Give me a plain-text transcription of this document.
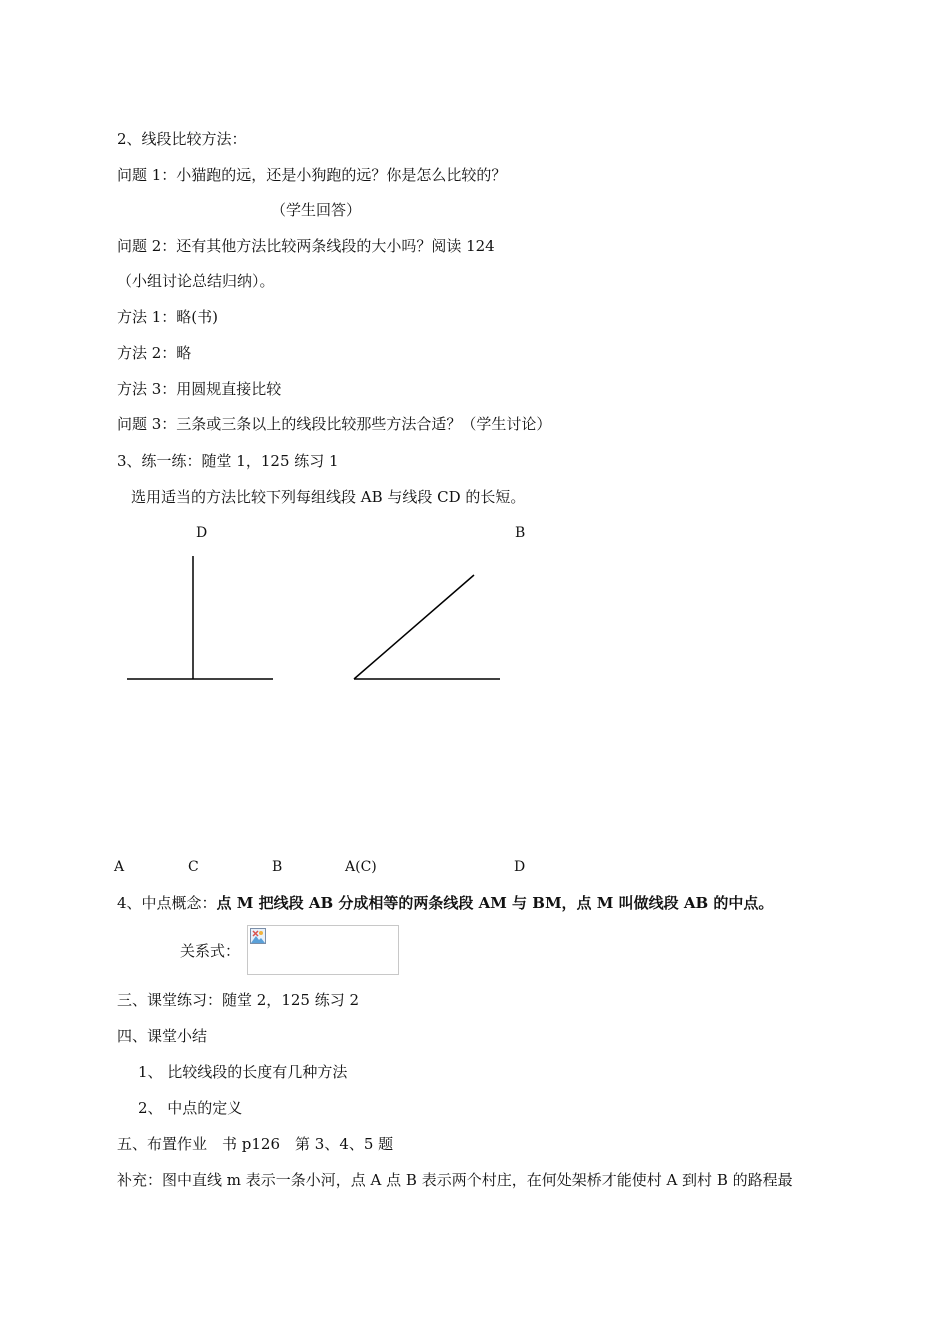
2、线段比较方法：
问题 1：小猫跑的远，还是小狗跑的远？你是怎么比较的？
（学生回答）
问题 2：还有其他方法比较两条线段的大小吗？阅读 124
（小组讨论总结归纳）。
方法 1：略(书)
方法 2：略
方法 3：用圆规直接比较
问题 3：三条或三条以上的线段比较那些方法合适？（学生讨论）
3、练一练：随堂 1，125 练习 1
选用适当的方法比较下列每组线段 AB 与线段 CD 的长短。
D	B
A	C	B	A(C)	D
4、中点概念：点 M 把线段 AB 分成相等的两条线段 AM 与 BM，点 M 叫做线段 AB 的中点。
关系式：
三、课堂练习：随堂 2，125 练习 2
四、课堂小结
1、 比较线段的长度有几种方法
2、 中点的定义
五、布置作业　书 p126　第 3、4、5 题
补充：图中直线 m 表示一条小河，点 A 点 B 表示两个村庄，在何处架桥才能使村 A 到村 B 的路程最
